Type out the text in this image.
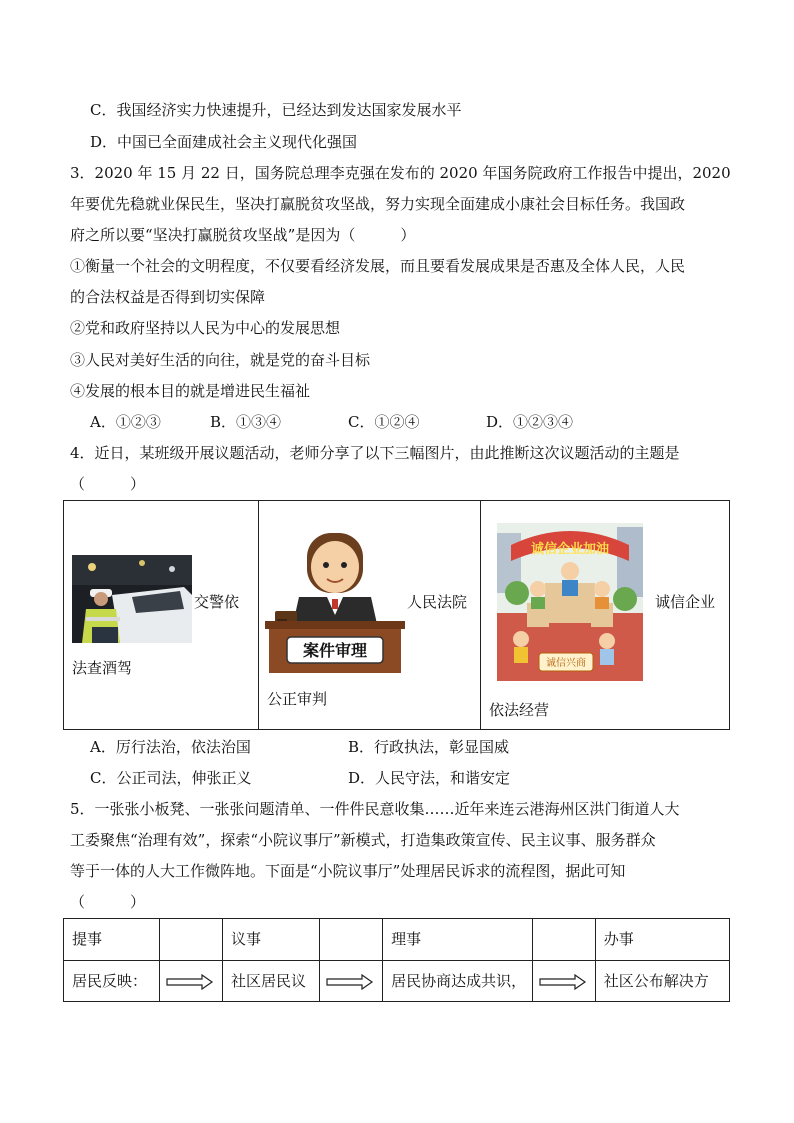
C．我国经济实力快速提升，已经达到发达国家发展水平
D．中国已全面建成社会主义现代化强国
3．2020 年 15 月 22 日，国务院总理李克强在发布的 2020 年国务院政府工作报告中提出，2020
年要优先稳就业保民生，坚决打赢脱贫攻坚战，努力实现全面建成小康社会目标任务。我国政
府之所以要“坚决打赢脱贫攻坚战”是因为（　　　）
①衡量一个社会的文明程度，不仅要看经济发展，而且要看发展成果是否惠及全体人民，人民
的合法权益是否得到切实保障
②党和政府坚持以人民为中心的发展思想
③人民对美好生活的向往，就是党的奋斗目标
④发展的根本目的就是增进民生福祉
A．①②③	B．①③④	C．①②④	D．①②③④
4．近日，某班级开展议题活动，老师分享了以下三幅图片，由此推断这次议题活动的主题是
（　　　）
交警依
法查酒驾

案件审理
人民法院
公正审判

诚信企业加油
诚信兴商
诚信企业
依法经营
A．厉行法治，依法治国	B．行政执法，彰显国威
C．公正司法，伸张正义	D．人民守法，和谐安定
5．一张张小板凳、一张张问题清单、一件件民意收集……近年来连云港海州区洪门街道人大
工委聚焦“治理有效”，探索“小院议事厅”新模式，打造集政策宣传、民主议事、服务群众
等于一体的人大工作微阵地。下面是“小院议事厅”处理居民诉求的流程图，据此可知
（　　　）
提事		议事		理事		办事

居民反映：		社区居民议		居民协商达成共识，		社区公布解决方
